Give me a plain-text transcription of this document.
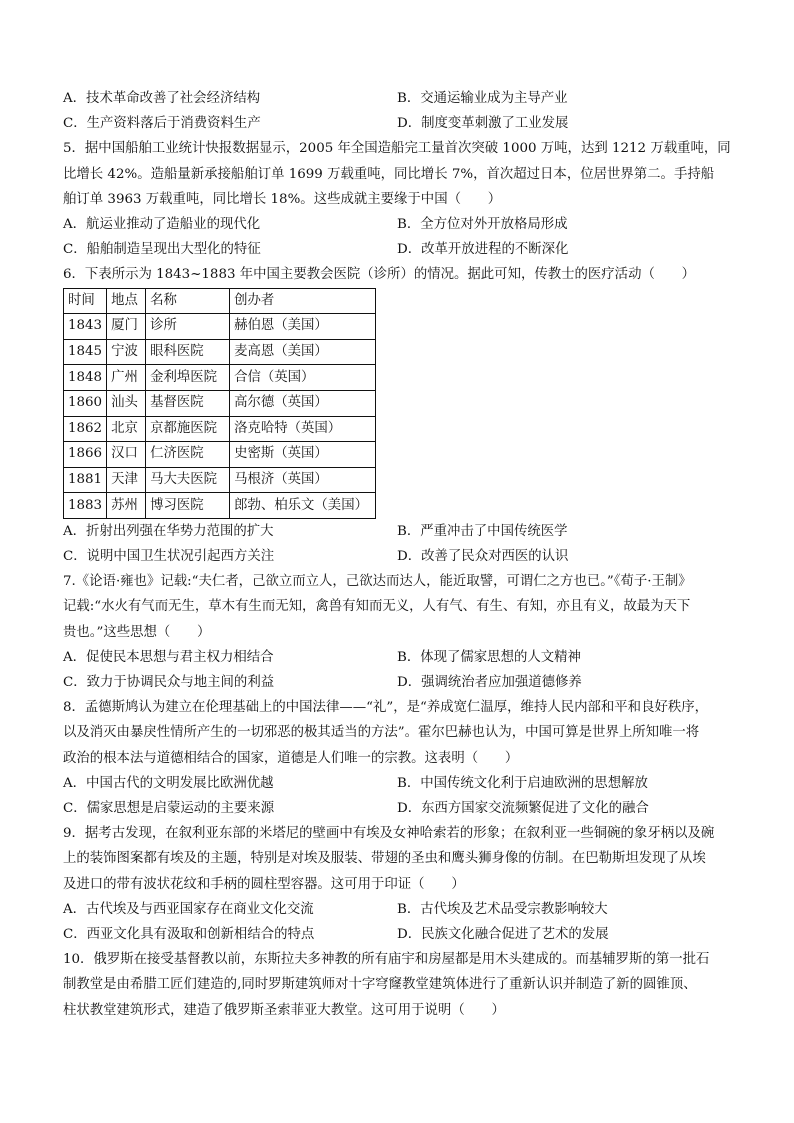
A．技术革命改善了社会经济结构	B．交通运输业成为主导产业
C．生产资料落后于消费资料生产	D．制度变革刺激了工业发展

5．据中国船舶工业统计快报数据显示，2005 年全国造船完工量首次突破 1000 万吨，达到 1212 万载重吨，同

比增长 42%。造船量新承接船舶订单 1699 万载重吨，同比增长 7%，首次超过日本，位居世界第二。手持船

舶订单 3963 万载重吨，同比增长 18%。这些成就主要缘于中国（　　）

A．航运业推动了造船业的现代化	B．全方位对外开放格局形成
C．船舶制造呈现出大型化的特征	D．改革开放进程的不断深化

6．下表所示为 1843~1883 年中国主要教会医院（诊所）的情况。据此可知，传教士的医疗活动（　　）

时间	地点	名称	创办者
1843	厦门	诊所	赫伯恩（美国）
1845	宁波	眼科医院	麦高恩（美国）
1848	广州	金利埠医院	合信（英国）
1860	汕头	基督医院	高尔德（英国）
1862	北京	京都施医院	洛克哈特（英国）
1866	汉口	仁济医院	史密斯（英国）
1881	天津	马大夫医院	马根济（英国）
1883	苏州	博习医院	郎勃、柏乐文（美国）
A．折射出列强在华势力范围的扩大	B．严重冲击了中国传统医学
C．说明中国卫生状况引起西方关注	D．改善了民众对西医的认识

7.《论语·雍也》记载:“夫仁者，己欲立而立人，己欲达而达人，能近取譬，可谓仁之方也已。”《荀子·王制》

记载:“水火有气而无生，草木有生而无知，禽兽有知而无义，人有气、有生、有知，亦且有义，故最为天下

贵也。”这些思想（　　）

A．促使民本思想与君主权力相结合	B．体现了儒家思想的人文精神
C．致力于协调民众与地主间的利益	D．强调统治者应加强道德修养

8．孟德斯鸠认为建立在伦理基础上的中国法律——“礼”，是“养成宽仁温厚，维持人民内部和平和良好秩序，

以及消灭由暴戾性情所产生的一切邪恶的极其适当的方法”。霍尔巴赫也认为，中国可算是世界上所知唯一将

政治的根本法与道德相结合的国家，道德是人们唯一的宗教。这表明（　　）

A．中国古代的文明发展比欧洲优越	B．中国传统文化利于启迪欧洲的思想解放
C．儒家思想是启蒙运动的主要来源	D．东西方国家交流频繁促进了文化的融合

9．据考古发现，在叙利亚东部的米塔尼的壁画中有埃及女神哈索若的形象；在叙利亚一些铜碗的象牙柄以及碗

上的装饰图案都有埃及的主题，特别是对埃及服装、带翅的圣虫和鹰头狮身像的仿制。在巴勒斯坦发现了从埃

及进口的带有波状花纹和手柄的圆柱型容器。这可用于印证（　　）

A．古代埃及与西亚国家存在商业文化交流	B．古代埃及艺术品受宗教影响较大
C．西亚文化具有汲取和创新相结合的特点	D．民族文化融合促进了艺术的发展

10．俄罗斯在接受基督教以前，东斯拉夫多神教的所有庙宇和房屋都是用木头建成的。而基辅罗斯的第一批石

制教堂是由希腊工匠们建造的,同时罗斯建筑师对十字穹窿教堂建筑体进行了重新认识并制造了新的圆锥顶、

柱状教堂建筑形式，建造了俄罗斯圣索菲亚大教堂。这可用于说明（　　）
